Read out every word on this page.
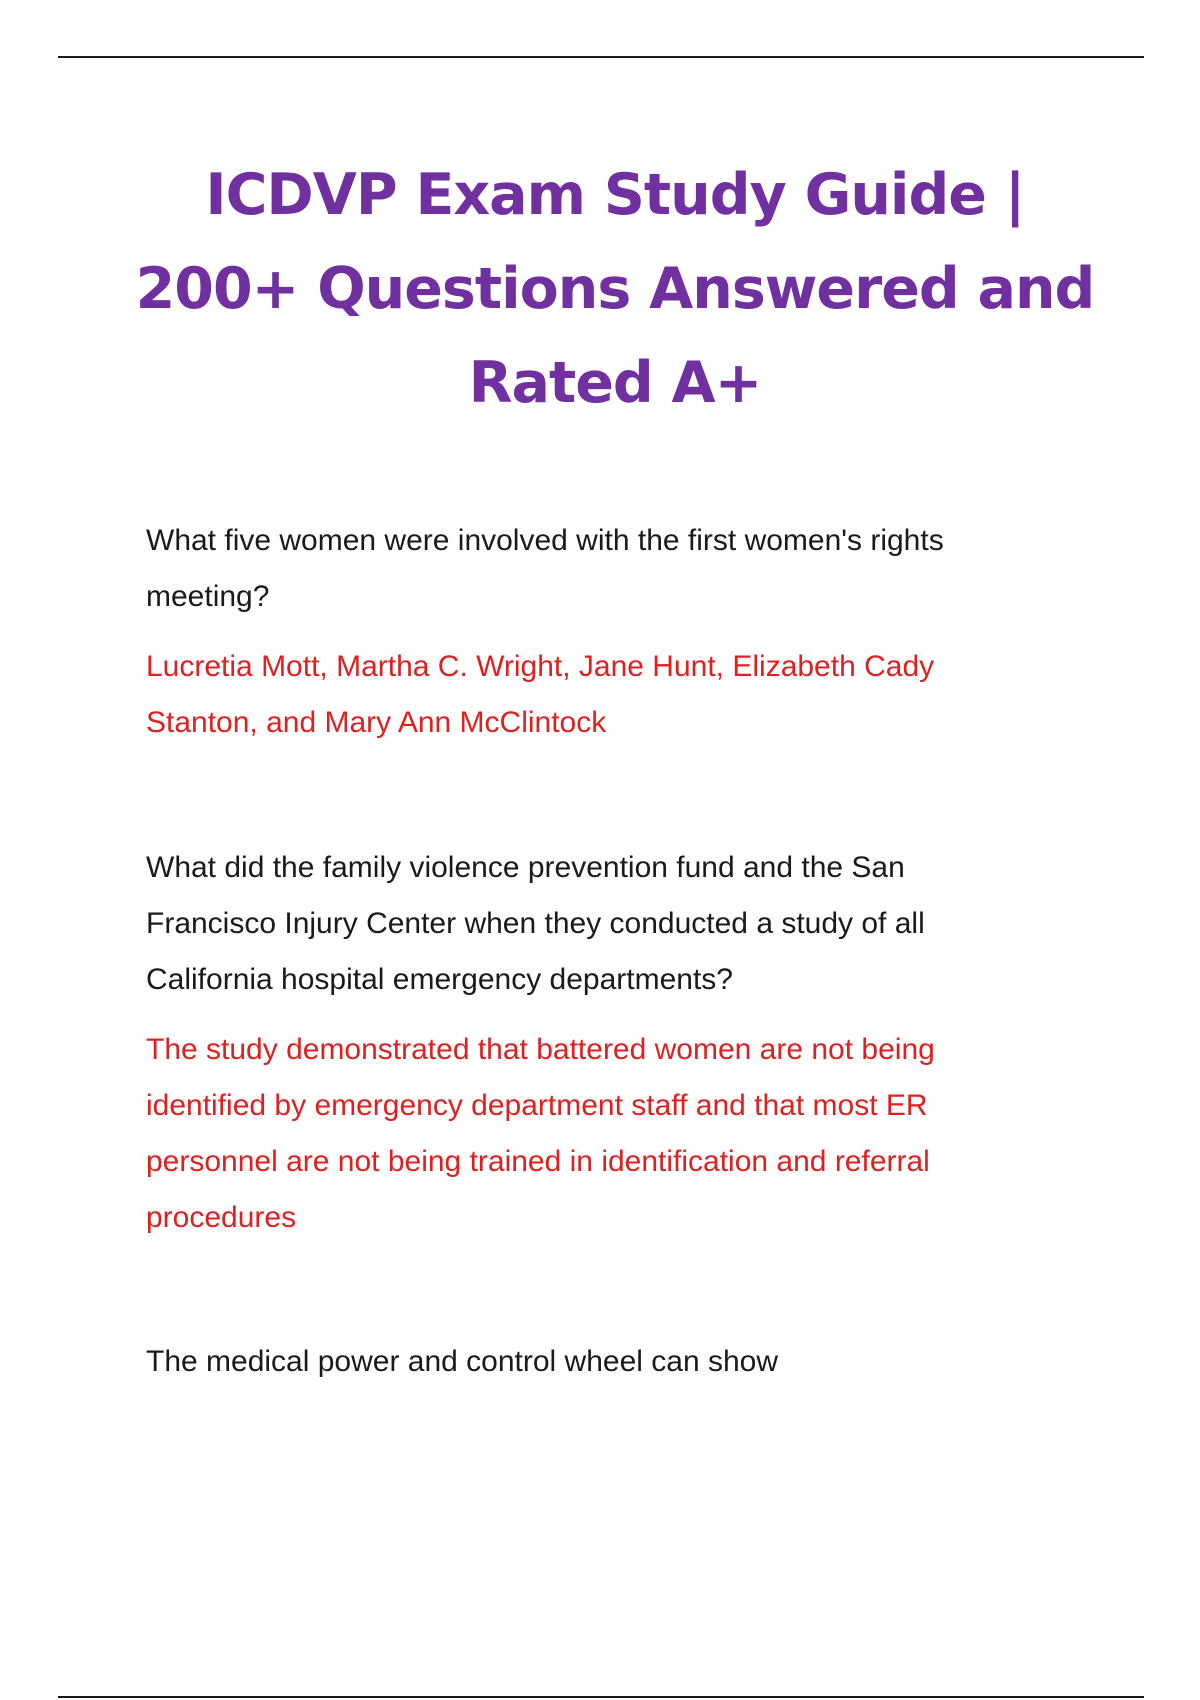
ICDVP Exam Study Guide | 200+ Questions Answered and Rated A+

What five women were involved with the first women's rights meeting?

Lucretia Mott, Martha C. Wright, Jane Hunt, Elizabeth Cady Stanton, and Mary Ann McClintock

What did the family violence prevention fund and the San Francisco Injury Center when they conducted a study of all California hospital emergency departments?

The study demonstrated that battered women are not being identified by emergency department staff and that most ER personnel are not being trained in identification and referral procedures

The medical power and control wheel can show
